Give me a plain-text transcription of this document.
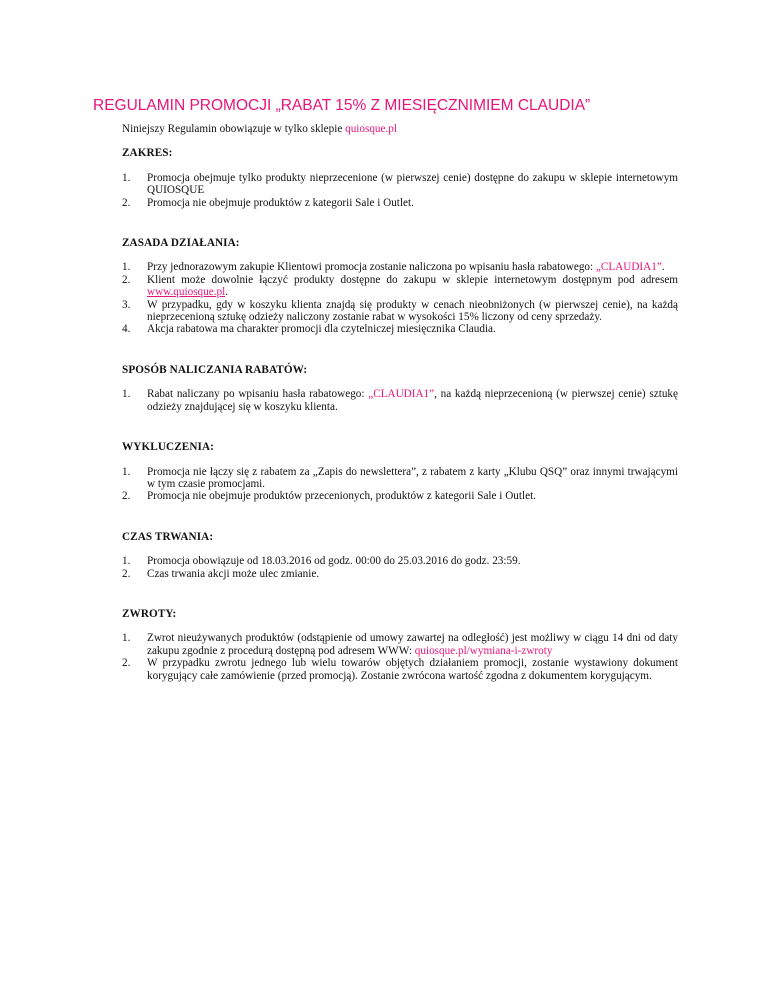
REGULAMIN PROMOCJI „RABAT 15% Z MIESIĘCZNIMIEM CLAUDIA”

Niniejszy Regulamin obowiązuje w tylko sklepie quiosque.pl

ZAKRES:
1. Promocja obejmuje tylko produkty nieprzecenione (w pierwszej cenie) dostępne do zakupu w sklepie internetowym QUIOSQUE
2. Promocja nie obejmuje produktów z kategorii Sale i Outlet.
ZASADA DZIAŁANIA:
1. Przy jednorazowym zakupie Klientowi promocja zostanie naliczona po wpisaniu hasła rabatowego: „CLAUDIA1”.
2. Klient może dowolnie łączyć produkty dostępne do zakupu w sklepie internetowym dostępnym pod adresem www.quiosque.pl.
3. W przypadku, gdy w koszyku klienta znajdą się produkty w cenach nieobniżonych (w pierwszej cenie), na każdą nieprzecenioną sztukę odzieży naliczony zostanie rabat w wysokości 15% liczony od ceny sprzedaży.
4. Akcja rabatowa ma charakter promocji dla czytelniczej miesięcznika Claudia.
SPOSÓB NALICZANIA RABATÓW:
1. Rabat naliczany po wpisaniu hasła rabatowego: „CLAUDIA1”, na każdą nieprzecenioną (w pierwszej cenie) sztukę odzieży znajdującej się w koszyku klienta.
WYKLUCZENIA:
1. Promocja nie łączy się z rabatem za „Zapis do newslettera”, z rabatem z karty „Klubu QSQ” oraz innymi trwającymi w tym czasie promocjami.
2. Promocja nie obejmuje produktów przecenionych, produktów z kategorii Sale i Outlet.
CZAS TRWANIA:
1. Promocja obowiązuje od 18.03.2016 od godz. 00:00 do 25.03.2016 do godz. 23:59.
2. Czas trwania akcji może ulec zmianie.
ZWROTY:
1. Zwrot nieużywanych produktów (odstąpienie od umowy zawartej na odległość) jest możliwy w ciągu 14 dni od daty zakupu zgodnie z procedurą dostępną pod adresem WWW: quiosque.pl/wymiana-i-zwroty
2. W przypadku zwrotu jednego lub wielu towarów objętych działaniem promocji, zostanie wystawiony dokument korygujący całe zamówienie (przed promocją). Zostanie zwrócona wartość zgodna z dokumentem korygującym.
